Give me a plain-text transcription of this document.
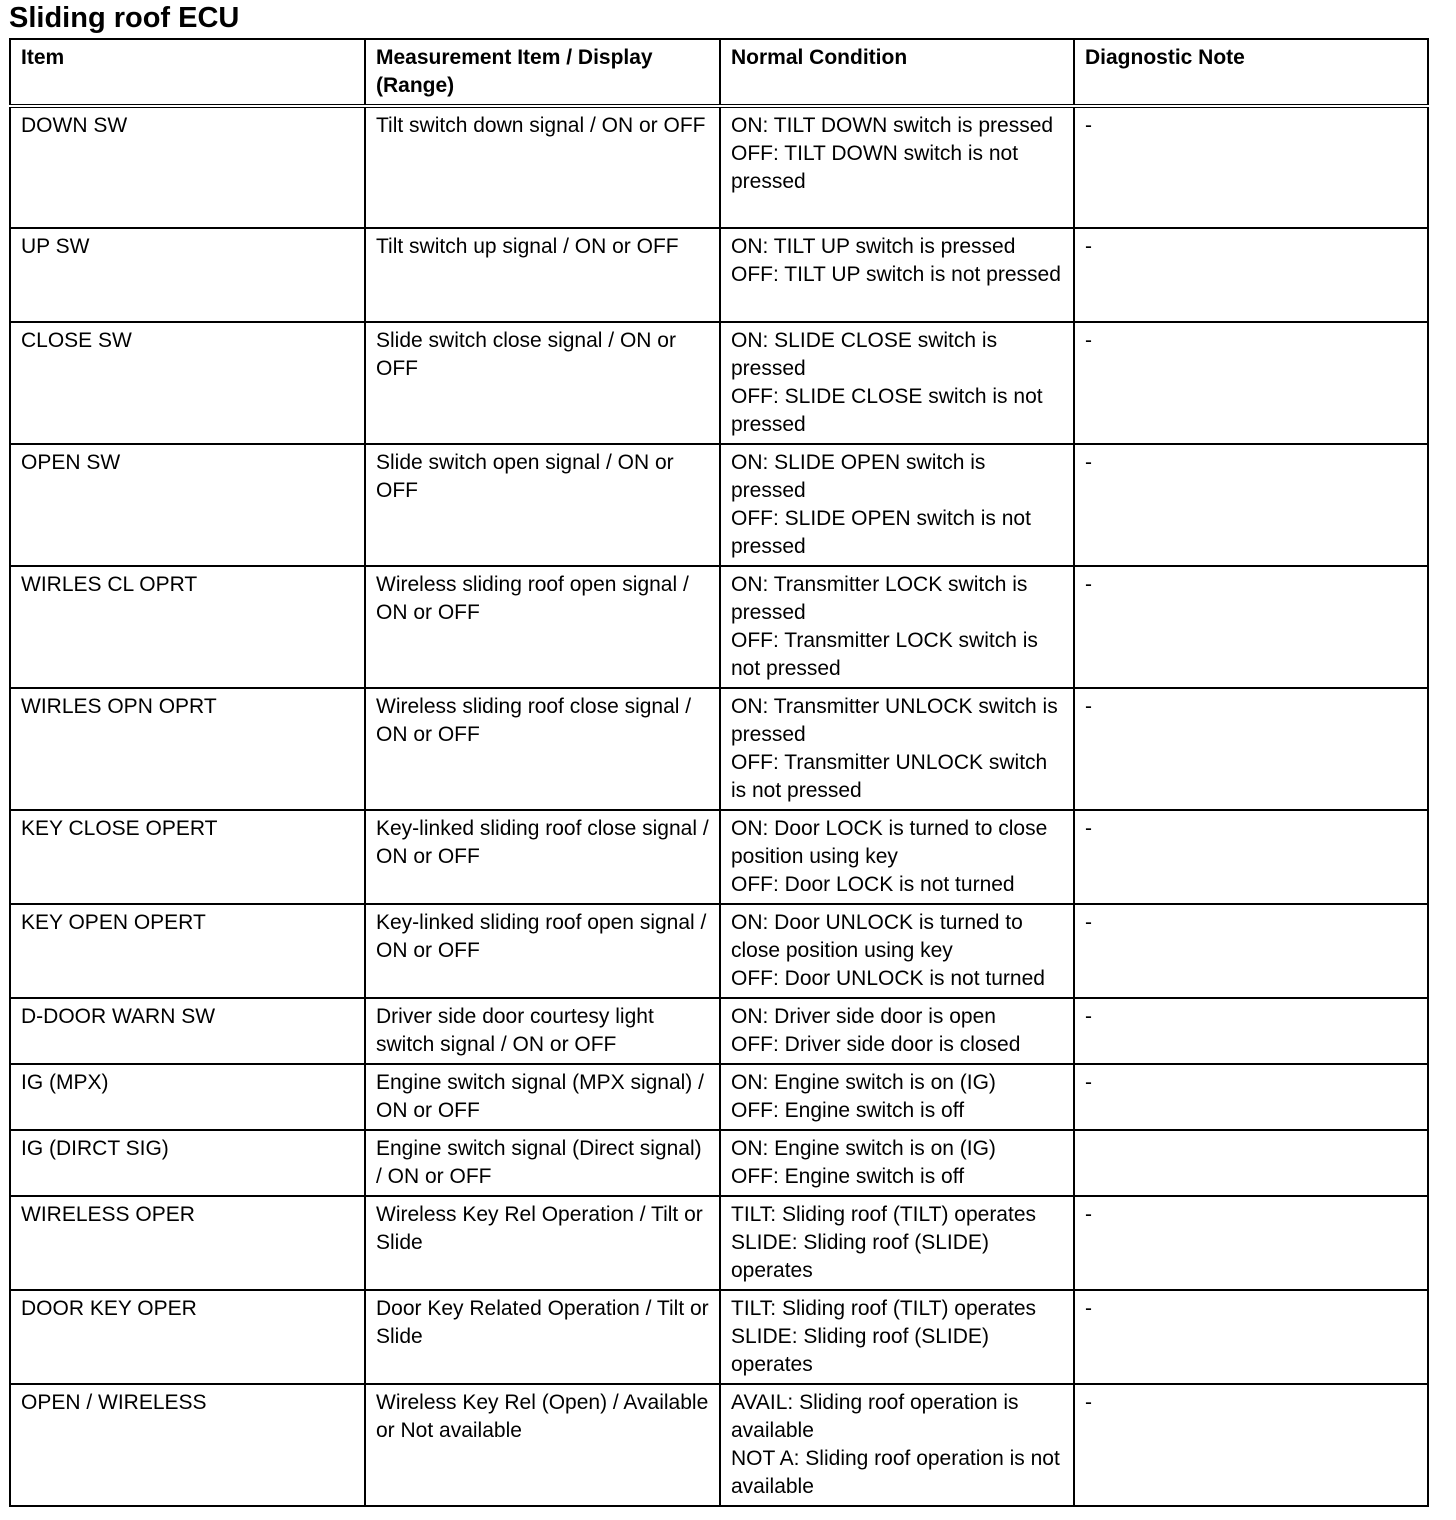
Sliding roof ECU
Item	Measurement Item / Display (Range)	Normal Condition	Diagnostic Note
DOWN SW	Tilt switch down signal / ON or OFF	ON: TILT DOWN switch is pressed
OFF: TILT DOWN switch is not pressed	-
UP SW	Tilt switch up signal / ON or OFF	ON: TILT UP switch is pressed
OFF: TILT UP switch is not pressed	-
CLOSE SW	Slide switch close signal / ON or OFF	ON: SLIDE CLOSE switch is pressed
OFF: SLIDE CLOSE switch is not pressed	-
OPEN SW	Slide switch open signal / ON or OFF	ON: SLIDE OPEN switch is pressed
OFF: SLIDE OPEN switch is not pressed	-
WIRLES CL OPRT	Wireless sliding roof open signal / ON or OFF	ON: Transmitter LOCK switch is pressed
OFF: Transmitter LOCK switch is not pressed	-
WIRLES OPN OPRT	Wireless sliding roof close signal / ON or OFF	ON: Transmitter UNLOCK switch is pressed
OFF: Transmitter UNLOCK switch is not pressed	-
KEY CLOSE OPERT	Key-linked sliding roof close signal / ON or OFF	ON: Door LOCK is turned to close position using key
OFF: Door LOCK is not turned	-
KEY OPEN OPERT	Key-linked sliding roof open signal / ON or OFF	ON: Door UNLOCK is turned to close position using key
OFF: Door UNLOCK is not turned	-
D-DOOR WARN SW	Driver side door courtesy light switch signal / ON or OFF	ON: Driver side door is open
OFF: Driver side door is closed	-
IG (MPX)	Engine switch signal (MPX signal) / ON or OFF	ON: Engine switch is on (IG)
OFF: Engine switch is off	-
IG (DIRCT SIG)	Engine switch signal (Direct signal) / ON or OFF	ON: Engine switch is on (IG)
OFF: Engine switch is off	

WIRELESS OPER	Wireless Key Rel Operation / Tilt or Slide	TILT: Sliding roof (TILT) operates
SLIDE: Sliding roof (SLIDE) operates	-
DOOR KEY OPER	Door Key Related Operation / Tilt or Slide	TILT: Sliding roof (TILT) operates
SLIDE: Sliding roof (SLIDE) operates	-
OPEN / WIRELESS	Wireless Key Rel (Open) / Available or Not available	AVAIL: Sliding roof operation is available
NOT A: Sliding roof operation is not available	-
